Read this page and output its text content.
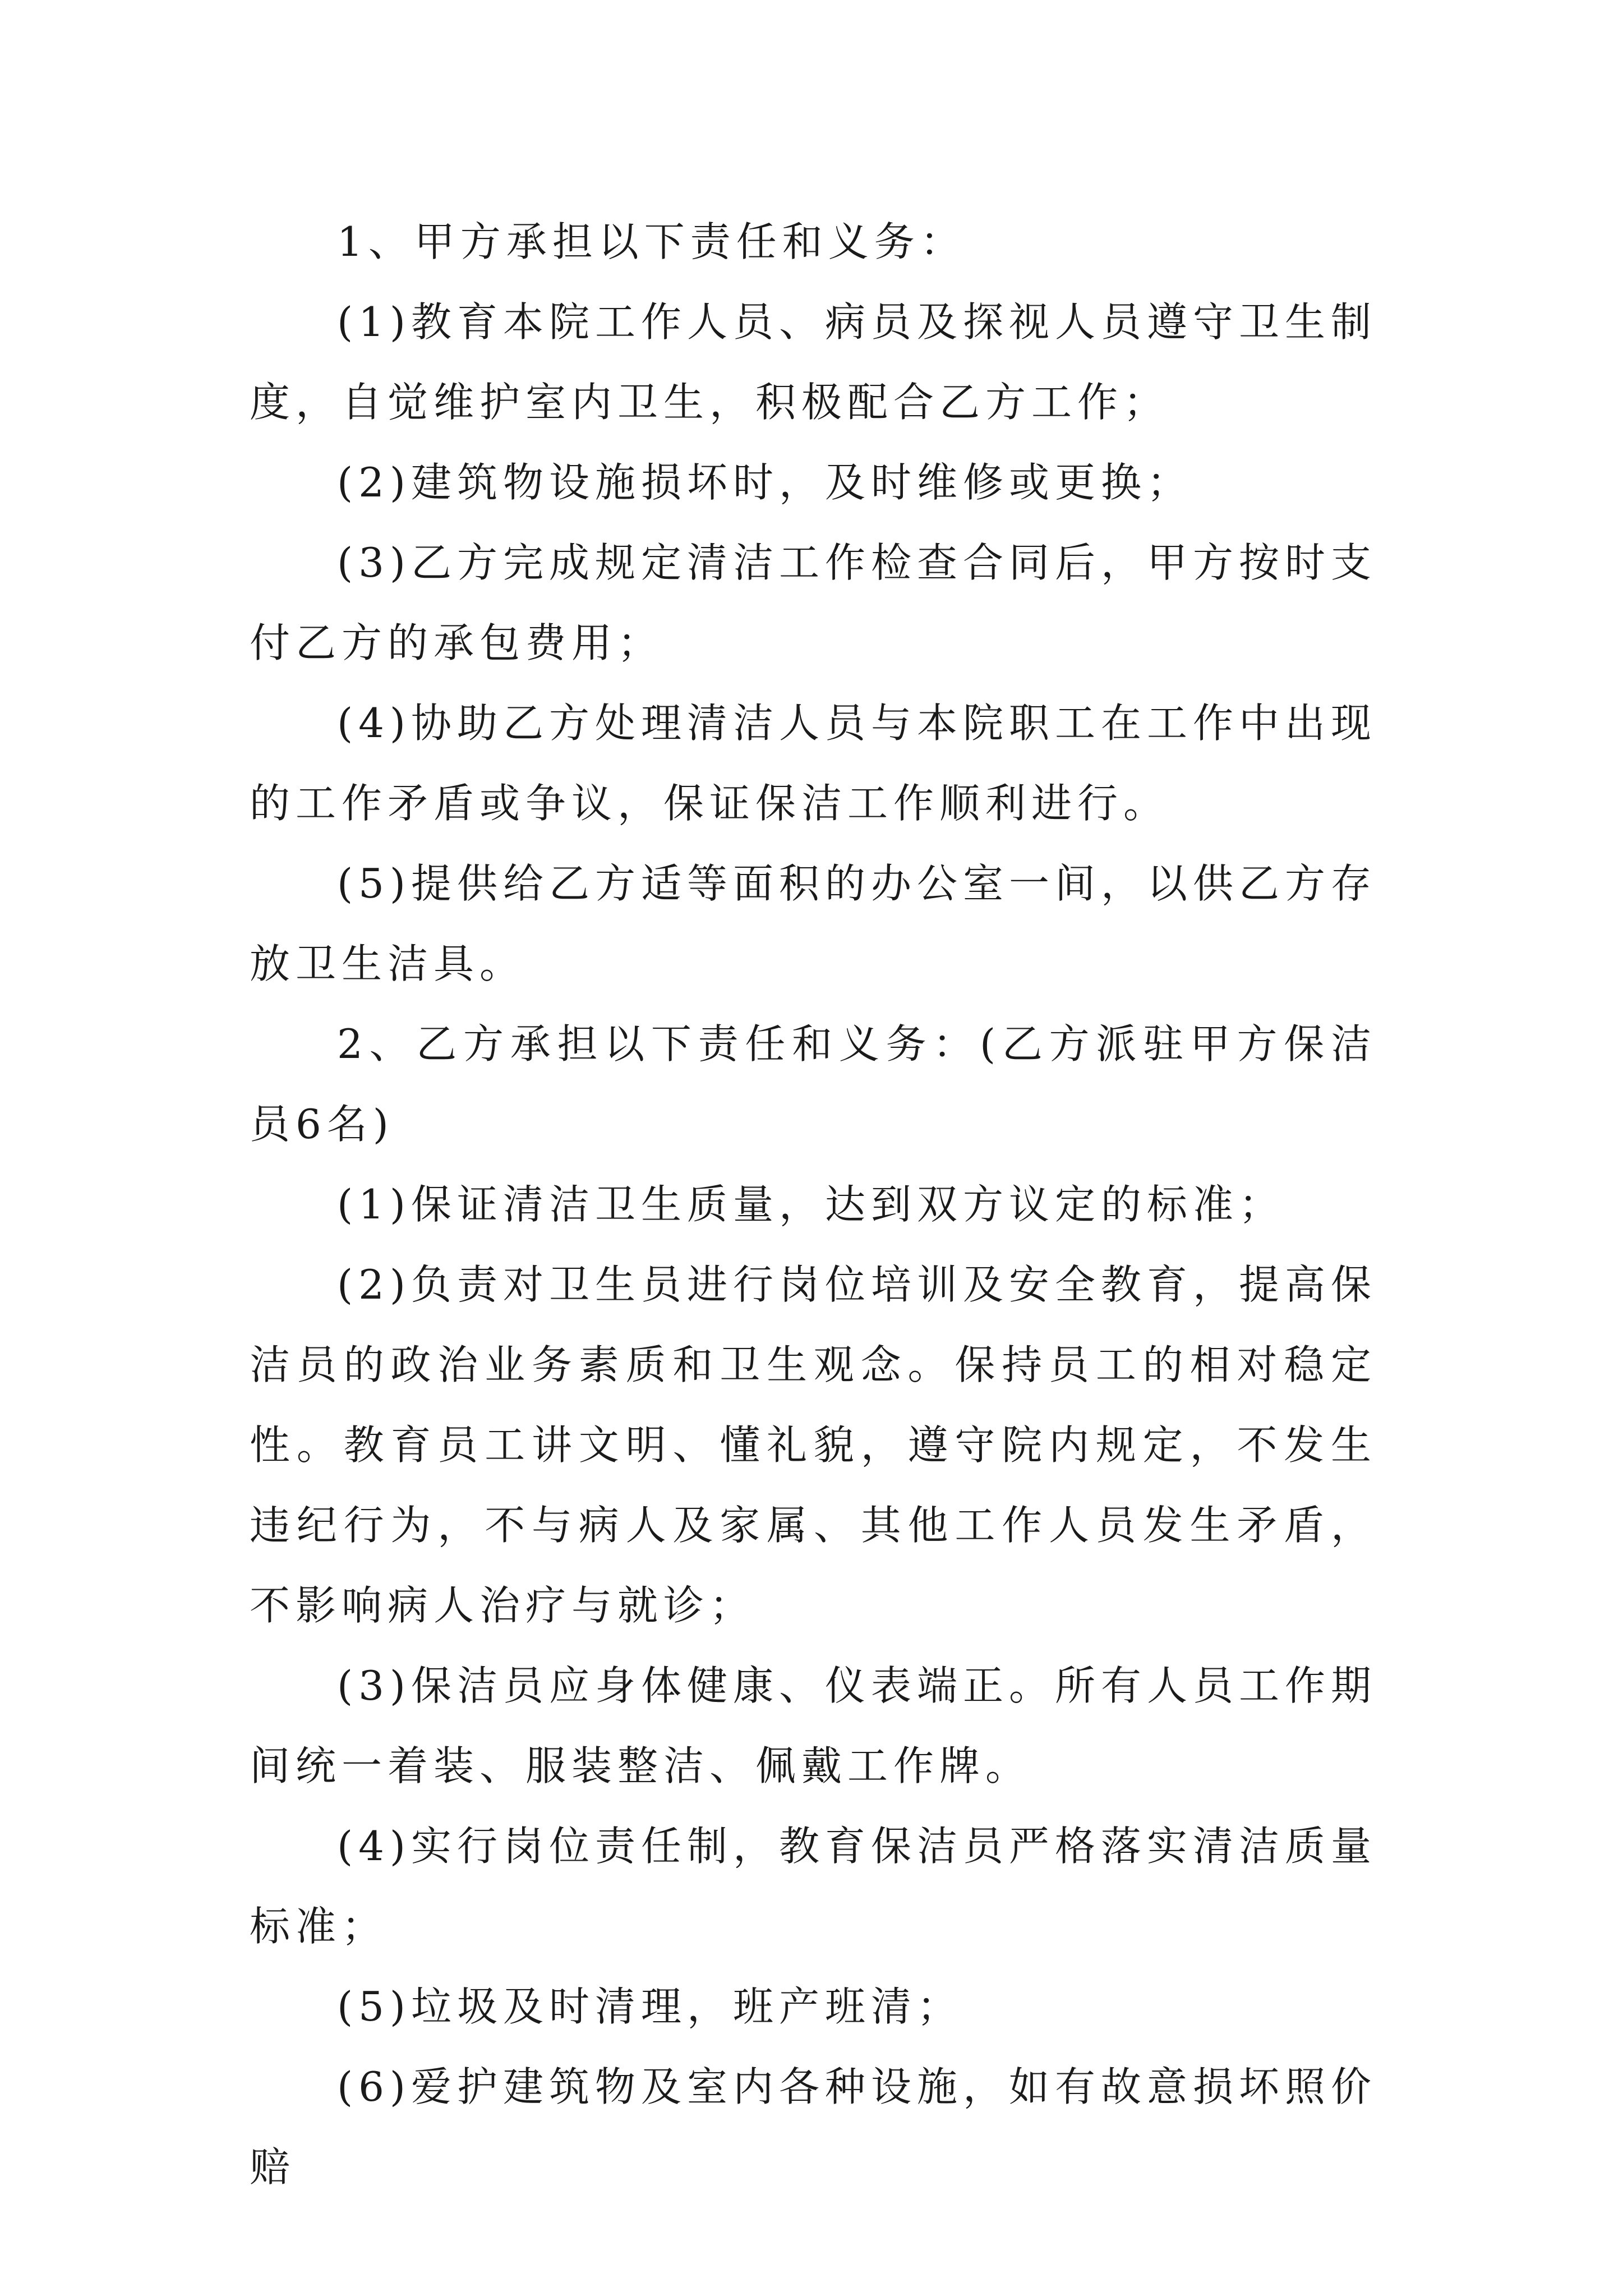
1、甲方承担以下责任和义务：

(1)教育本院工作人员、病员及探视人员遵守卫生制度，自觉维护室内卫生，积极配合乙方工作；

(2)建筑物设施损坏时，及时维修或更换；

(3)乙方完成规定清洁工作检查合同后，甲方按时支付乙方的承包费用；

(4)协助乙方处理清洁人员与本院职工在工作中出现的工作矛盾或争议，保证保洁工作顺利进行。

(5)提供给乙方适等面积的办公室一间，以供乙方存放卫生洁具。

2、乙方承担以下责任和义务：(乙方派驻甲方保洁员6名)

(1)保证清洁卫生质量，达到双方议定的标准；

(2)负责对卫生员进行岗位培训及安全教育，提高保洁员的政治业务素质和卫生观念。保持员工的相对稳定性。教育员工讲文明、懂礼貌，遵守院内规定，不发生违纪行为，不与病人及家属、其他工作人员发生矛盾，不影响病人治疗与就诊；

(3)保洁员应身体健康、仪表端正。所有人员工作期间统一着装、服装整洁、佩戴工作牌。

(4)实行岗位责任制，教育保洁员严格落实清洁质量标准；

(5)垃圾及时清理，班产班清；

(6)爱护建筑物及室内各种设施，如有故意损坏照价赔
